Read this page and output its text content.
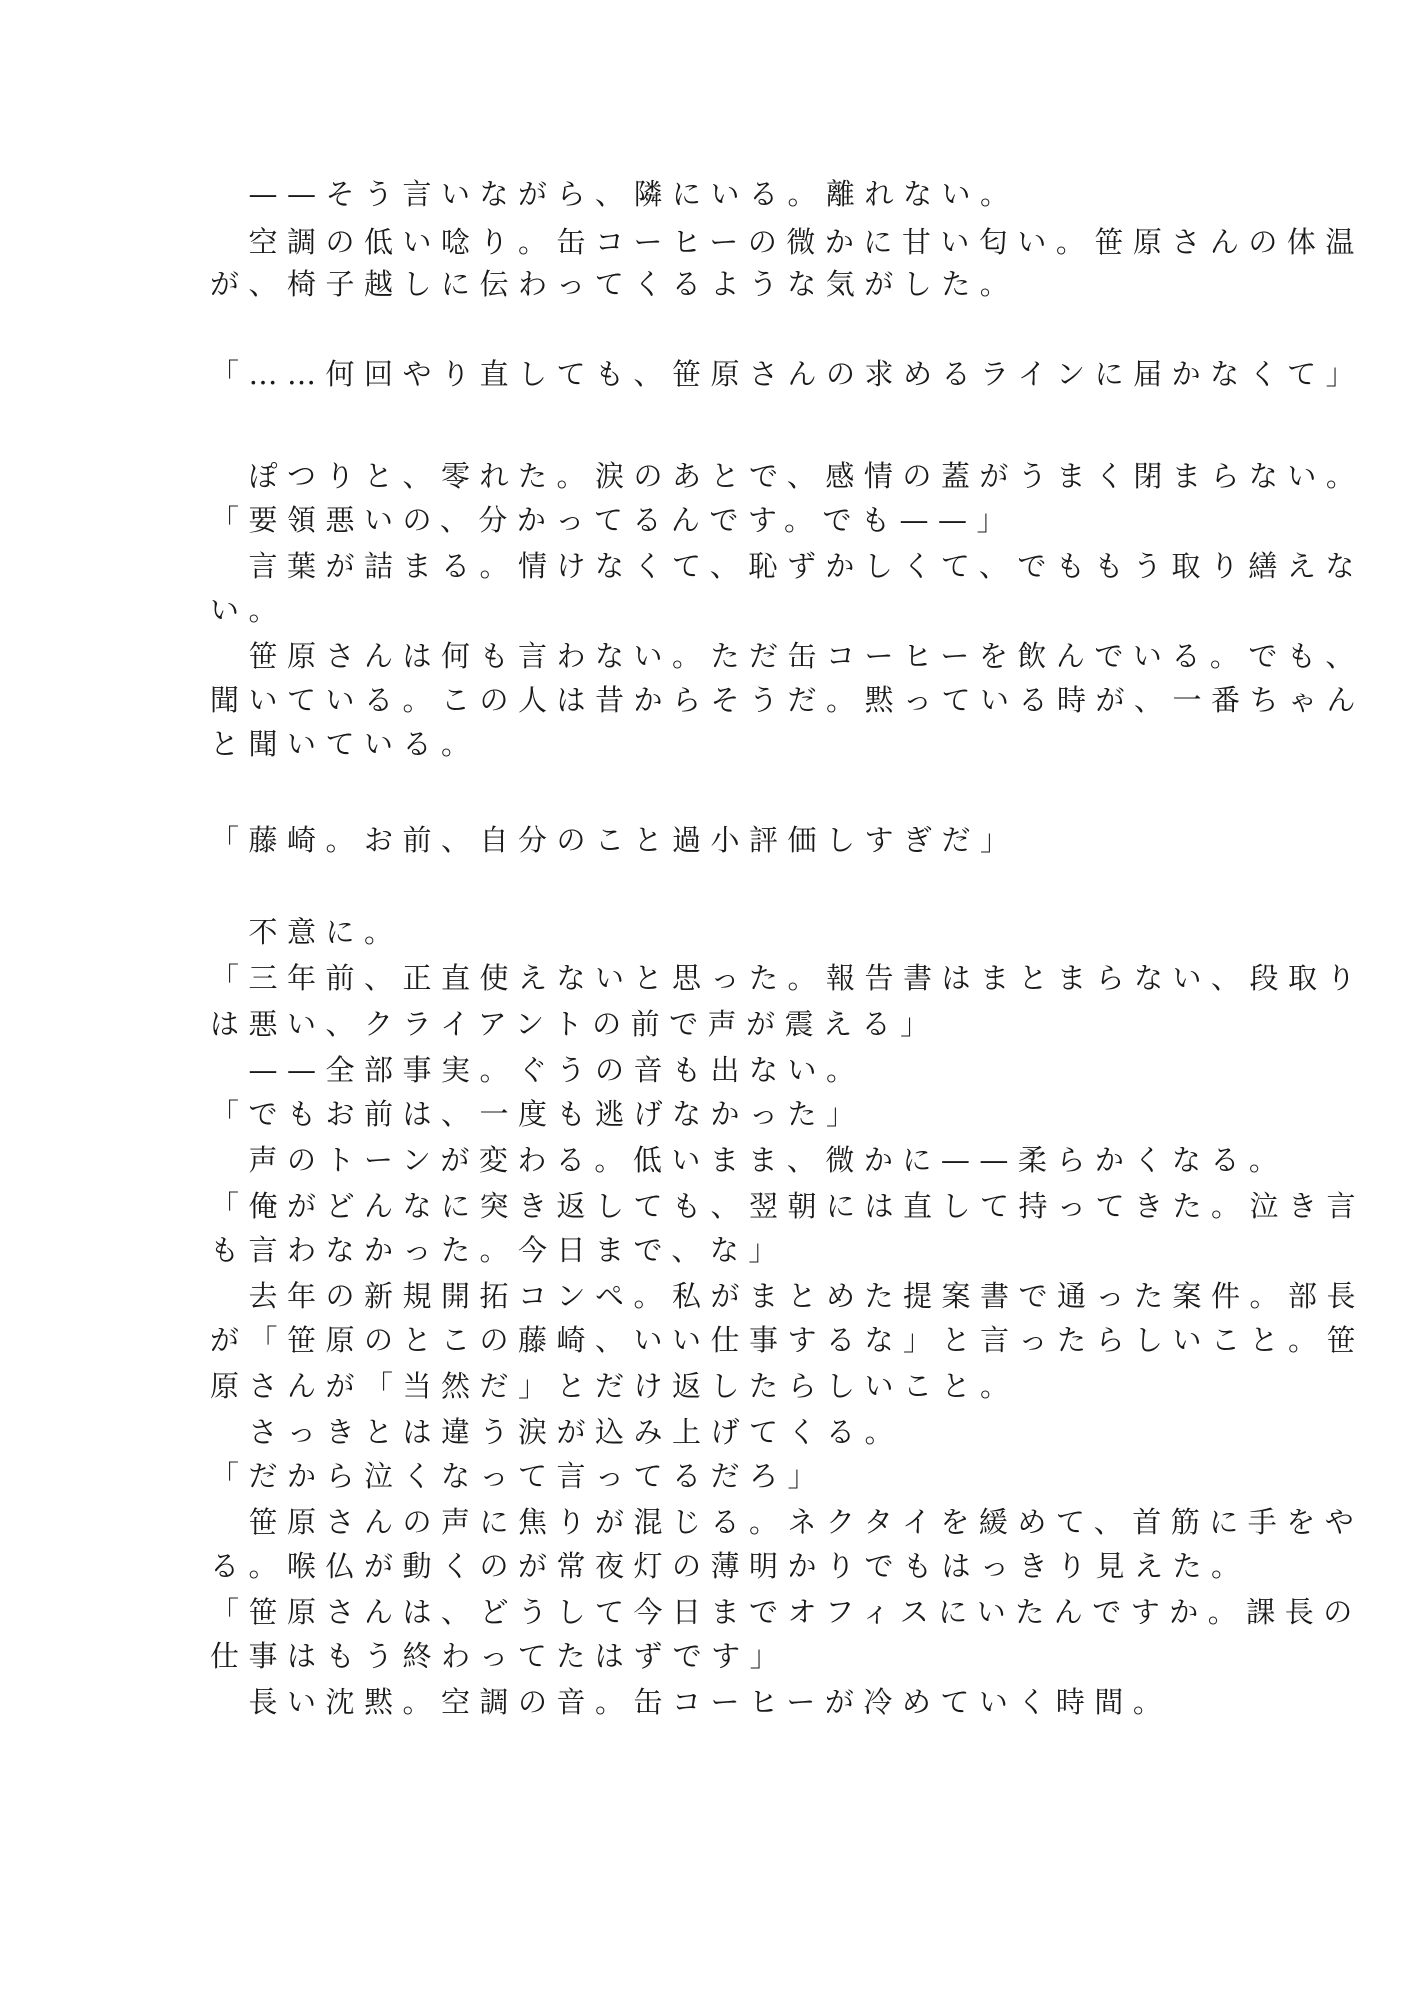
　——そう言いながら、隣にいる。離れない。
　空調の低い唸り。缶コーヒーの微かに甘い匂い。笹原さんの体温
が、椅子越しに伝わってくるような気がした。
「……何回やり直しても、笹原さんの求めるラインに届かなくて」
　ぽつりと、零れた。涙のあとで、感情の蓋がうまく閉まらない。
「要領悪いの、分かってるんです。でも——」
　言葉が詰まる。情けなくて、恥ずかしくて、でももう取り繕えな
い。
　笹原さんは何も言わない。ただ缶コーヒーを飲んでいる。でも、
聞いている。この人は昔からそうだ。黙っている時が、一番ちゃん
と聞いている。
「藤崎。お前、自分のこと過小評価しすぎだ」
　不意に。
「三年前、正直使えないと思った。報告書はまとまらない、段取り
は悪い、クライアントの前で声が震える」
　——全部事実。ぐうの音も出ない。
「でもお前は、一度も逃げなかった」
　声のトーンが変わる。低いまま、微かに——柔らかくなる。
「俺がどんなに突き返しても、翌朝には直して持ってきた。泣き言
も言わなかった。今日まで、な」
　去年の新規開拓コンペ。私がまとめた提案書で通った案件。部長
が「笹原のとこの藤崎、いい仕事するな」と言ったらしいこと。笹
原さんが「当然だ」とだけ返したらしいこと。
　さっきとは違う涙が込み上げてくる。
「だから泣くなって言ってるだろ」
　笹原さんの声に焦りが混じる。ネクタイを緩めて、首筋に手をや
る。喉仏が動くのが常夜灯の薄明かりでもはっきり見えた。
「笹原さんは、どうして今日までオフィスにいたんですか。課長の
仕事はもう終わってたはずです」
　長い沈黙。空調の音。缶コーヒーが冷めていく時間。
